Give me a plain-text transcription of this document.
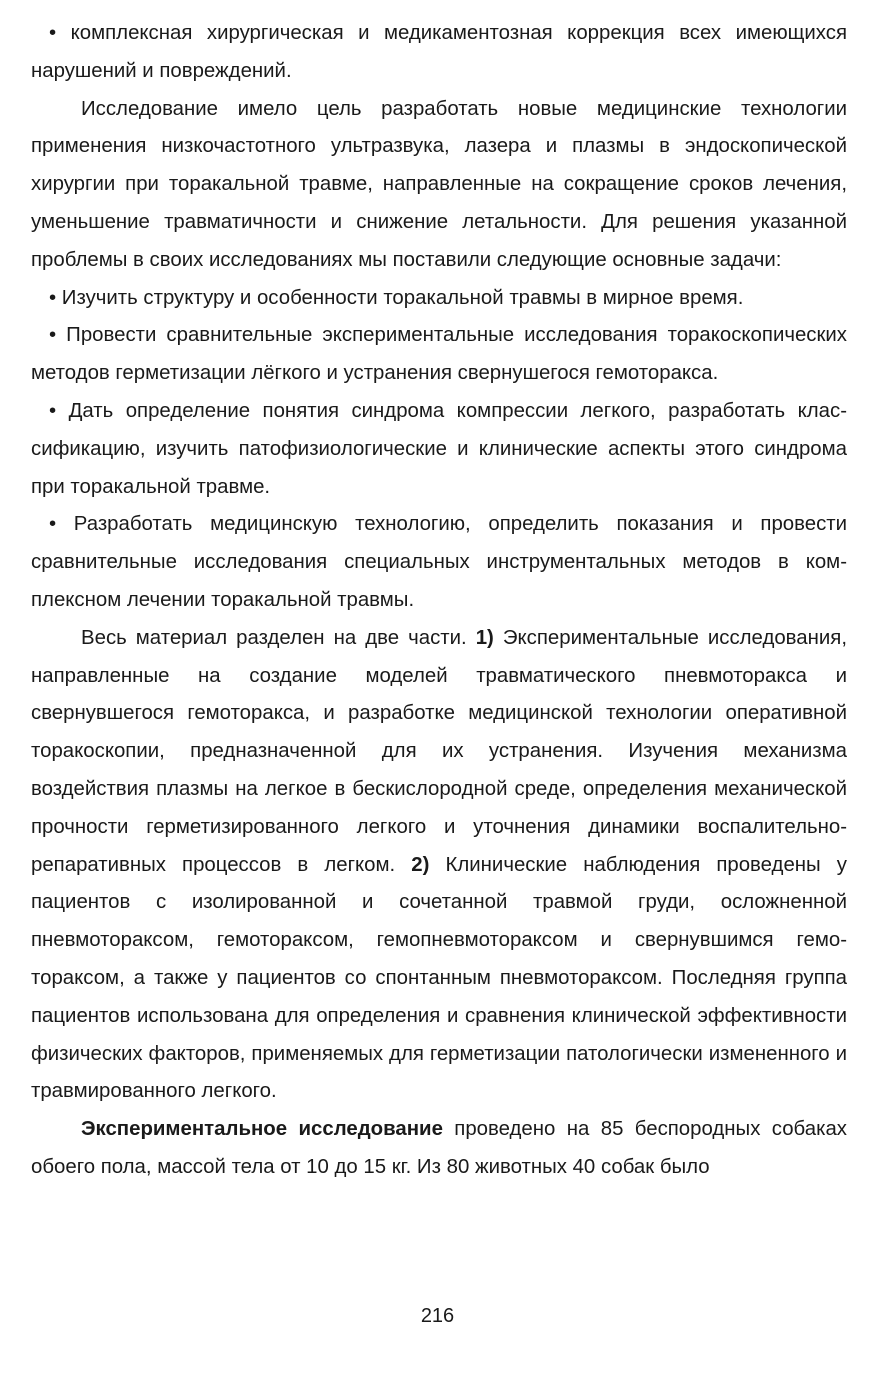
• комплексная хирургическая и медикаментозная коррекция всех имеющихся нарушений и повреждений.

Исследование имело цель разработать новые медицинские технологии применения низкочастотного ультразвука, лазера и плазмы в эндоскопической хирургии при торакальной травме, направленные на сокращение сроков лечения, уменьшение травматичности и снижение летальности. Для решения указанной проблемы в своих исследованиях мы поставили следующие основные задачи:

• Изучить структуру и особенности торакальной травмы в мирное время.

• Провести сравнительные экспериментальные исследования торакоскопических методов герметизации лёгкого и устранения свернушегося гемоторакса.

• Дать определение понятия синдрома компрессии легкого, разработать классификацию, изучить патофизиологические и клинические аспекты этого синдрома при торакальной травме.

• Разработать медицинскую технологию, определить показания и провести сравнительные исследования специальных инструментальных методов в комплексном лечении торакальной травмы.

Весь материал разделен на две части. 1) Экспериментальные исследования, направленные на создание моделей травматического пневмоторакса и свернувшегося гемоторакса, и разработке медицинской технологии оперативной торакоскопии, предназначенной для их устранения. Изучения механизма воздействия плазмы на легкое в бескислородной среде, определения механической прочности герметизированного легкого и уточнения динамики воспалительно-репаративных процессов в легком. 2) Клинические наблюдения проведены у пациентов с изолированной и сочетанной травмой груди, осложненной пневмотораксом, гемотораксом, гемопневмотораксом и свернувшимся гемотораксом, а также у пациентов со спонтанным пневмотораксом. Последняя группа пациентов использована для определения и сравнения клинической эффективности физических факторов, применяемых для герметизации патологически измененного и травмированного легкого.

Экспериментальное исследование проведено на 85 беспородных собаках обоего пола, массой тела от 10 до 15 кг. Из 80 животных 40 собак было

216
